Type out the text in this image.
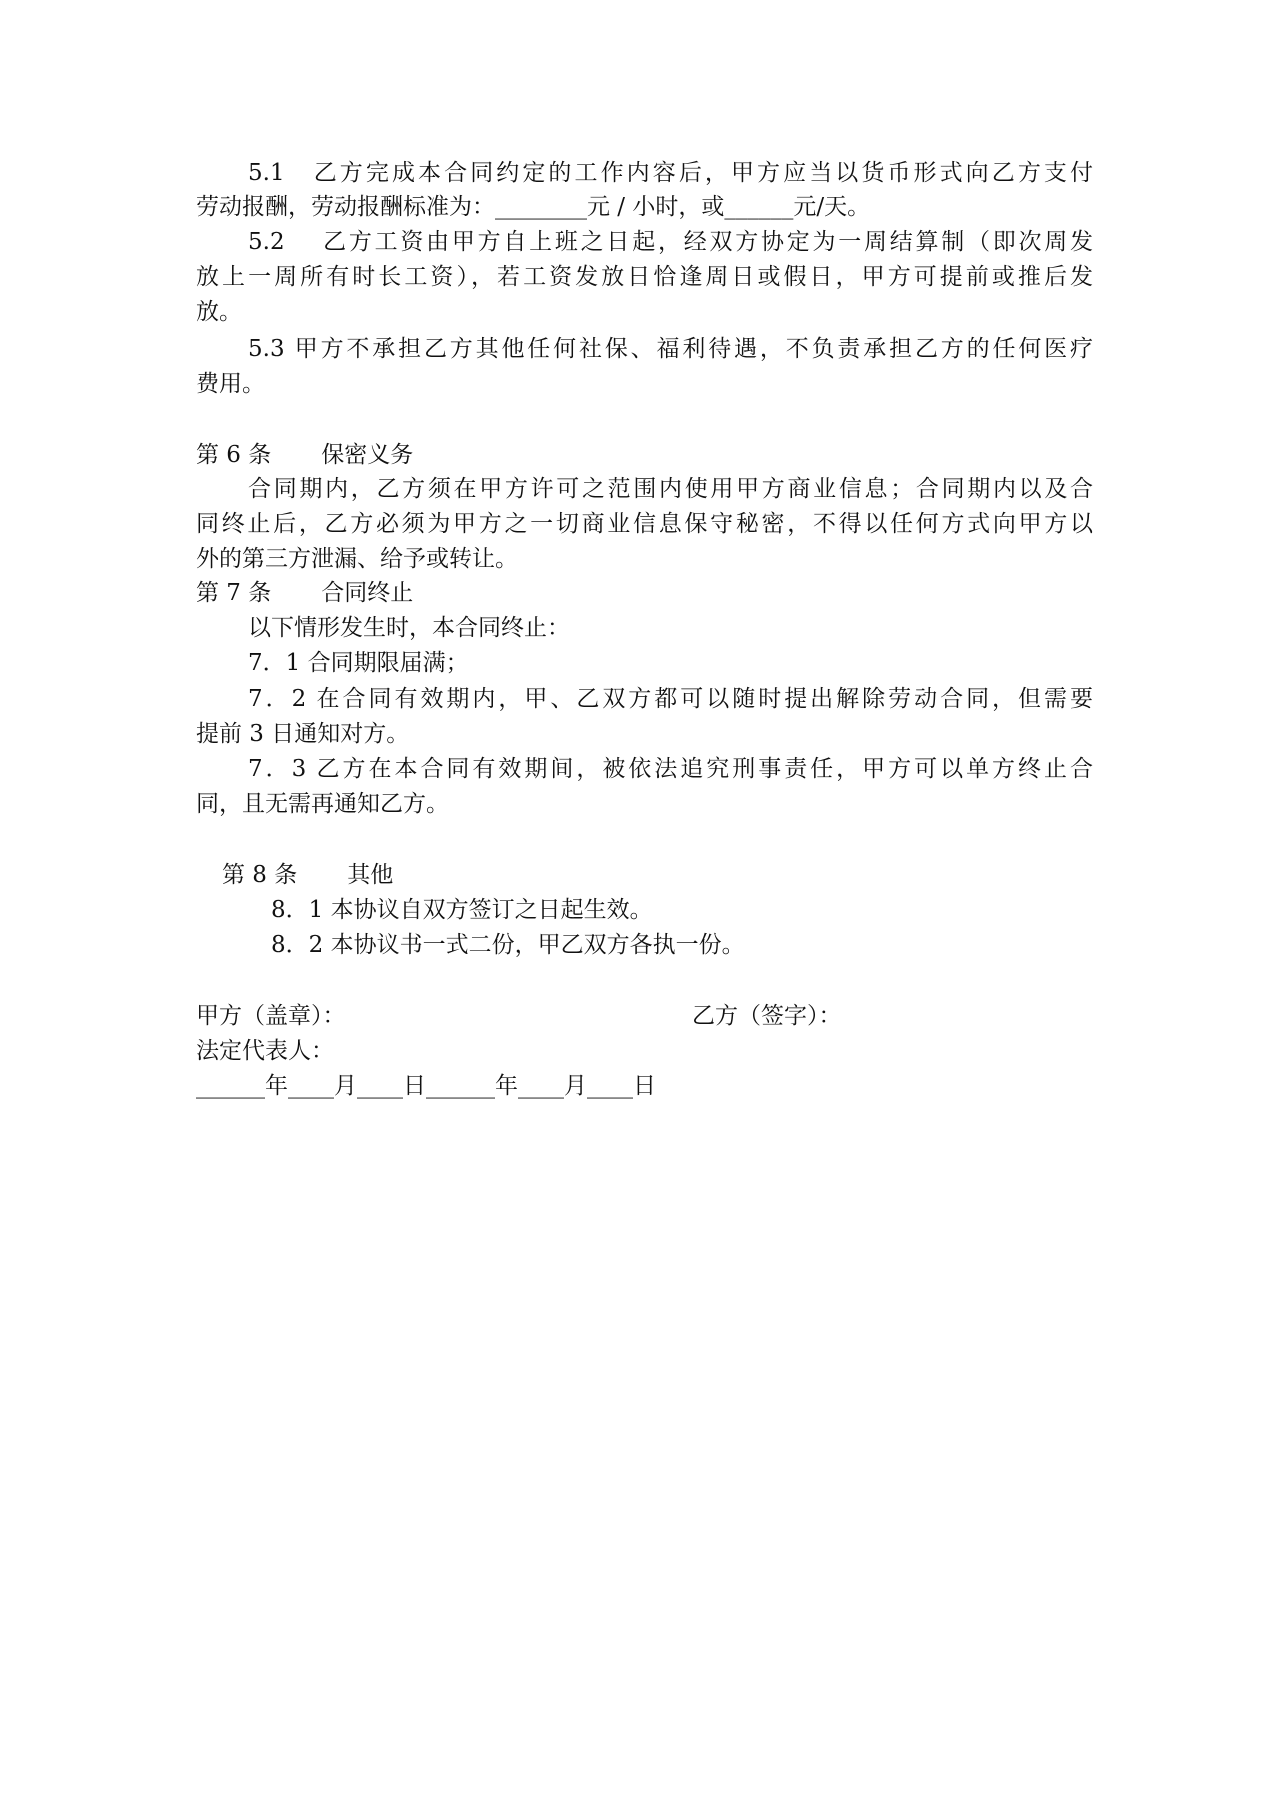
5.1　乙方完成本合同约定的工作内容后，甲方应当以货币形式向乙方支付
劳动报酬，劳动报酬标准为：________元 / 小时，或______元/天。
5.2　 乙方工资由甲方自上班之日起，经双方协定为一周结算制（即次周发
放上一周所有时长工资），若工资发放日恰逢周日或假日，甲方可提前或推后发
放。
5.3 甲方不承担乙方其他任何社保、福利待遇，不负责承担乙方的任何医疗
费用。
第 6 条 保密义务
合同期内，乙方须在甲方许可之范围内使用甲方商业信息；合同期内以及合
同终止后，乙方必须为甲方之一切商业信息保守秘密，不得以任何方式向甲方以
外的第三方泄漏、给予或转让。
第 7 条 合同终止
以下情形发生时，本合同终止：
7．1 合同期限届满；
7．2 在合同有效期内，甲、乙双方都可以随时提出解除劳动合同，但需要
提前 3 日通知对方。
7．3 乙方在本合同有效期间，被依法追究刑事责任，甲方可以单方终止合
同，且无需再通知乙方。
第 8 条 其他
8．1 本协议自双方签订之日起生效。
8．2 本协议书一式二份，甲乙双方各执一份。
甲方（盖章）：	乙方（签字）：
法定代表人：
______年____月____日______年____月____日
